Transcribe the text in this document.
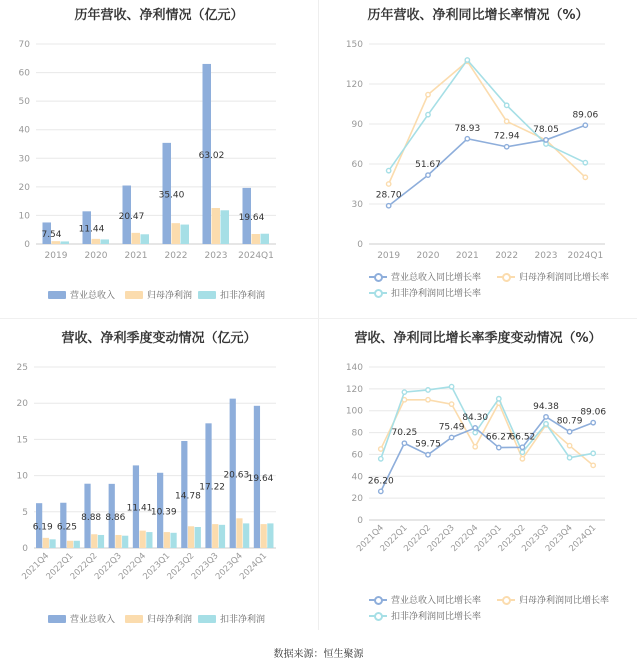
历年营收、净利情况（亿元）
0
10
20
30
40
50
60
70
2019 2020 2021 2022 2023 2024Q1
7.54
11.44
20.47
35.40
63.02
19.64
营业总收入	归母净利润	扣非净利润
历年营收、净利同比增长率情况（%）
0
30
60
90
120
150
2019 2020 2021 2022 2023 2024Q1
28.70
51.67
78.93
72.94
78.05
89.06
营业总收入同比增长率	归母净利润同比增长率
扣非净利润同比增长率
营收、净利季度变动情况（亿元）
0
5
10
15
20
25
2021Q4
2022Q1
2022Q2
2022Q3
2022Q4
2023Q1
2023Q2
2023Q3
2023Q4
2024Q1
6.19 6.25
8.88 8.86
11.41
10.39
14.78
17.22
20.63
19.64
营业总收入	归母净利润	扣非净利润
营收、净利同比增长率季度变动情况（%）
0
20
40
60
80
100
120
140
2021Q4
2022Q1
2022Q2
2022Q3
2022Q4
2023Q1
2023Q2
2023Q3
2023Q4
2024Q1
26.20
70.25
59.75
75.49
84.30
66.27
66.52
94.38
80.79
89.06
营业总收入同比增长率	归母净利润同比增长率
扣非净利润同比增长率
数据来源：恒生聚源
